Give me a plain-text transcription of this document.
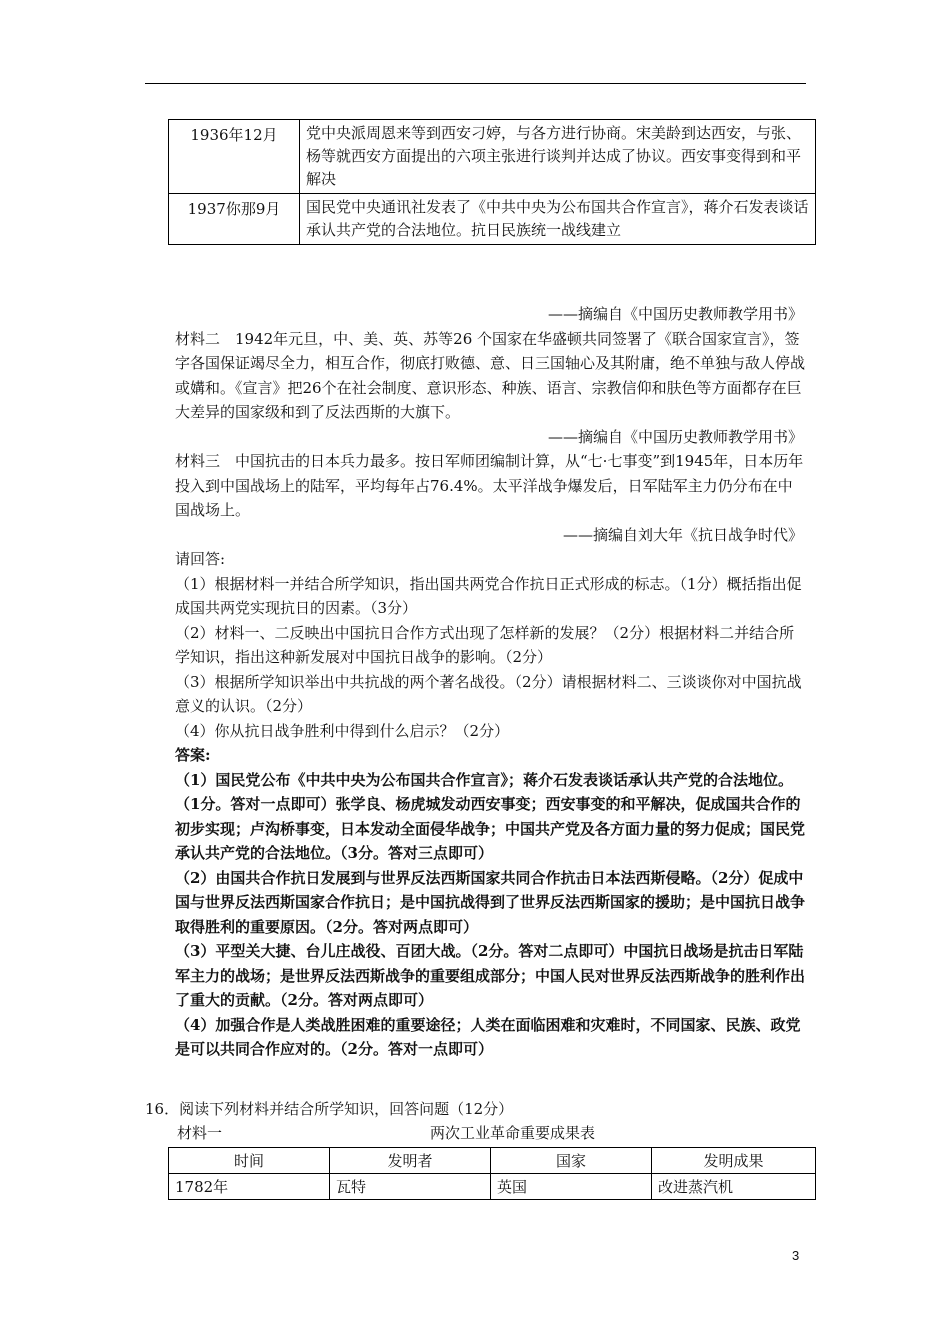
1936年12月	党中央派周恩来等到西安刁婷，与各方进行协商。宋美龄到达西安，与张、杨等就西安方面提出的六项主张进行谈判并达成了协议。西安事变得到和平解决
1937你那9月	国民党中央通讯社发表了《中共中央为公布国共合作宣言》，蒋介石发表谈话承认共产党的合法地位。抗日民族统一战线建立

——摘编自《中国历史教师教学用书》

材料二　1942年元旦，中、美、英、苏等26 个国家在华盛顿共同签署了《联合国家宣言》，签字各国保证竭尽全力，相互合作，彻底打败德、意、日三国轴心及其附庸，绝不单独与敌人停战或媾和。《宣言》把26个在社会制度、意识形态、种族、语言、宗教信仰和肤色等方面都存在巨大差异的国家级和到了反法西斯的大旗下。

——摘编自《中国历史教师教学用书》

材料三　中国抗击的日本兵力最多。按日军师团编制计算，从“七·七事变”到1945年，日本历年投入到中国战场上的陆军，平均每年占76.4%。太平洋战争爆发后，日军陆军主力仍分布在中国战场上。

——摘编自刘大年《抗日战争时代》

请回答:

（1）根据材料一并结合所学知识，指出国共两党合作抗日正式形成的标志。（1分）概括指出促成国共两党实现抗日的因素。（3分）

（2）材料一、二反映出中国抗日合作方式出现了怎样新的发展？（2分）根据材料二并结合所学知识，指出这种新发展对中国抗日战争的影响。（2分）

（3）根据所学知识举出中共抗战的两个著名战役。（2分）请根据材料二、三谈谈你对中国抗战意义的认识。（2分）

（4）你从抗日战争胜利中得到什么启示？（2分）

答案:

（1）国民党公布《中共中央为公布国共合作宣言》；蒋介石发表谈话承认共产党的合法地位。（1分。答对一点即可）张学良、杨虎城发动西安事变；西安事变的和平解决，促成国共合作的初步实现；卢沟桥事变，日本发动全面侵华战争；中国共产党及各方面力量的努力促成；国民党承认共产党的合法地位。（3分。答对三点即可）

（2）由国共合作抗日发展到与世界反法西斯国家共同合作抗击日本法西斯侵略。（2分）促成中国与世界反法西斯国家合作抗日；是中国抗战得到了世界反法西斯国家的援助；是中国抗日战争取得胜利的重要原因。（2分。答对两点即可）

（3）平型关大捷、台儿庄战役、百团大战。（2分。答对二点即可）中国抗日战场是抗击日军陆军主力的战场；是世界反法西斯战争的重要组成部分；中国人民对世界反法西斯战争的胜利作出了重大的贡献。（2分。答对两点即可）

（4）加强合作是人类战胜困难的重要途径；人类在面临困难和灾难时，不同国家、民族、政党是可以共同合作应对的。（2分。答对一点即可）

16．阅读下列材料并结合所学知识，回答问题（12分）

材料一	两次工业革命重要成果表
时间	发明者	国家	发明成果
1782年	瓦特	英国	改进蒸汽机
3
